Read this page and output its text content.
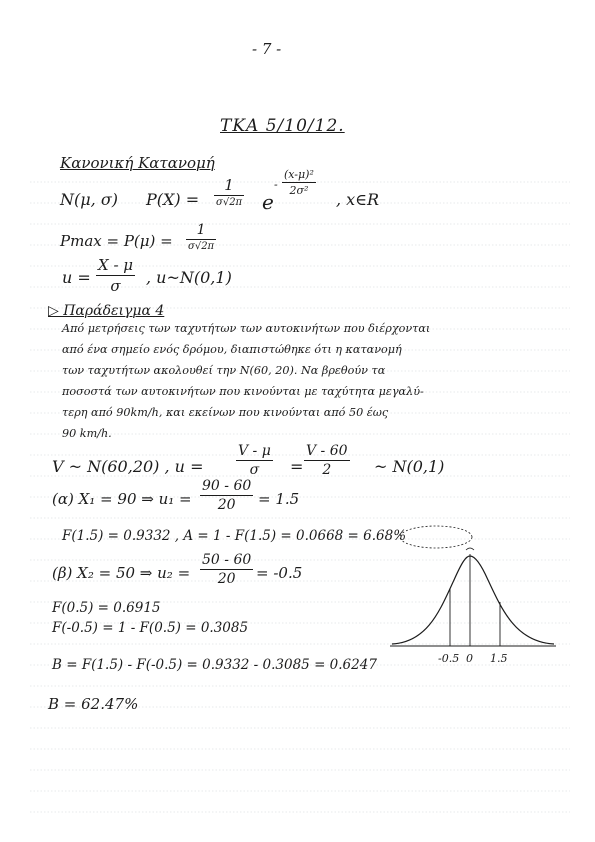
- 7 -
ΤΚΑ 5/10/12.
Κανονική Κατανομή
N(μ, σ) P(X) =
1
σ√2π e
-
(x-μ)²
2σ²	, x∈R
Pmax = P(μ) =
1
σ√2π
u =
X - μ
σ	, u~N(0,1)
▷ Παράδειγμα 4
Από μετρήσεις των ταχυτήτων των αυτοκινήτων που διέρχονται
από ένα σημείο ενός δρόμου, διαπιστώθηκε ότι η κατανομή
των ταχυτήτων ακολουθεί την N(60, 20). Να βρεθούν τα
ποσοστά των αυτοκινήτων που κινούνται με ταχύτητα μεγαλύ-
τερη από 90km/h, και εκείνων που κινούνται από 50 έως
90 km/h.
V ~ N(60,20) , u =
V - μ
σ	=
V - 60
2	~ N(0,1)
(α) X₁ = 90 ⇒ u₁ =
90 - 60
20	= 1.5
F(1.5) = 0.9332 , A = 1 - F(1.5) = 0.0668 = 6.68%
(β) X₂ = 50 ⇒ u₂ =
50 - 60
20	= -0.5
F(0.5) = 0.6915
F(-0.5) = 1 - F(0.5) = 0.3085
B = F(1.5) - F(-0.5) = 0.9332 - 0.3085 = 0.6247
B = 62.47%
-0.5 0 1.5
